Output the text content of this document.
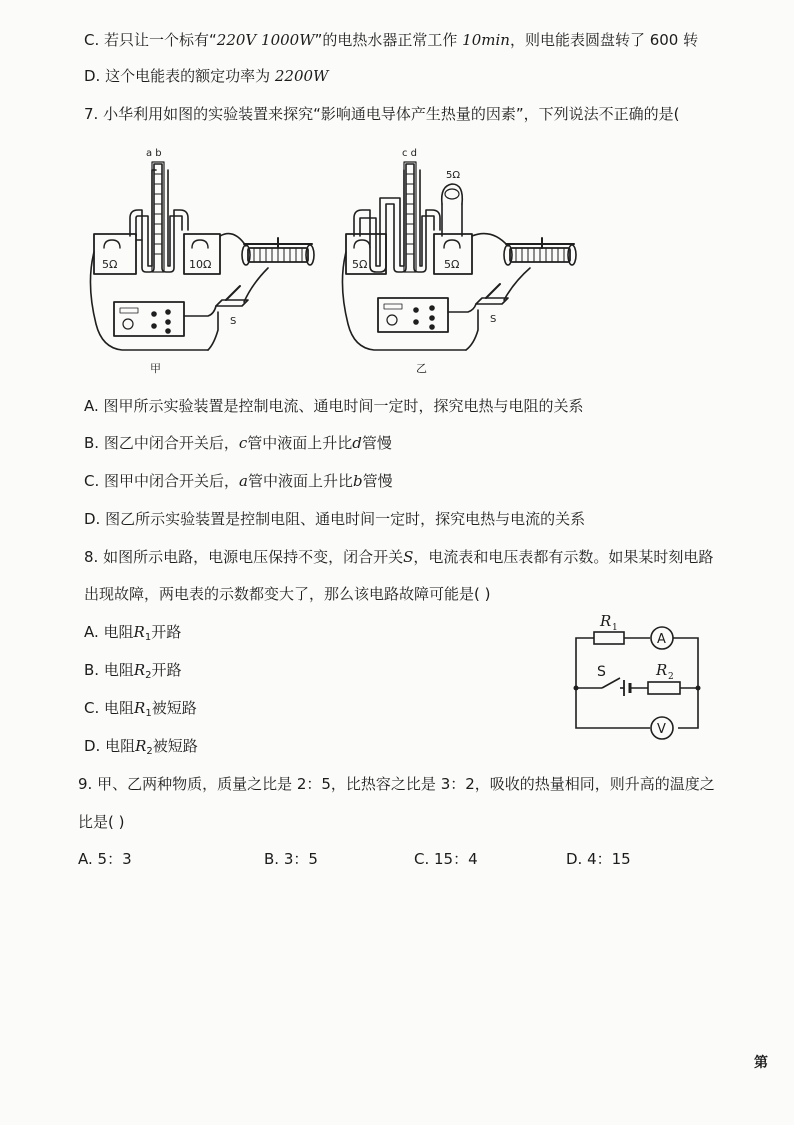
C. 若只让一个标有“220V 1000W”的电热水器正常工作 10min，则电能表圆盘转了 600 转

D. 这个电能表的额定功率为 2200W

7. 小华利用如图的实验装置来探究“影响通电导体产生热量的因素”，下列说法不正确的是(

a b
5Ω	10Ω
S
甲
c d
5Ω
5Ω	5Ω
S
乙

A. 图甲所示实验装置是控制电流、通电时间一定时，探究电热与电阻的关系

B. 图乙中闭合开关后，c管中液面上升比d管慢

C. 图甲中闭合开关后，a管中液面上升比b管慢

D. 图乙所示实验装置是控制电阻、通电时间一定时，探究电热与电流的关系

8. 如图所示电路，电源电压保持不变，闭合开关S，电流表和电压表都有示数。如果某时刻电路

出现故障，两电表的示数都变大了，那么该电路故障可能是( )

A. 电阻$R_1$开路

B. 电阻$R_2$开路

C. 电阻$R_1$被短路

D. 电阻$R_2$被短路

R 1
A
S	R 2
V

9. 甲、乙两种物质，质量之比是 2：5，比热容之比是 3：2，吸收的热量相同，则升高的温度之

比是( )

A. 5：3	B. 3：5	C. 15：4	D. 4：15
第
